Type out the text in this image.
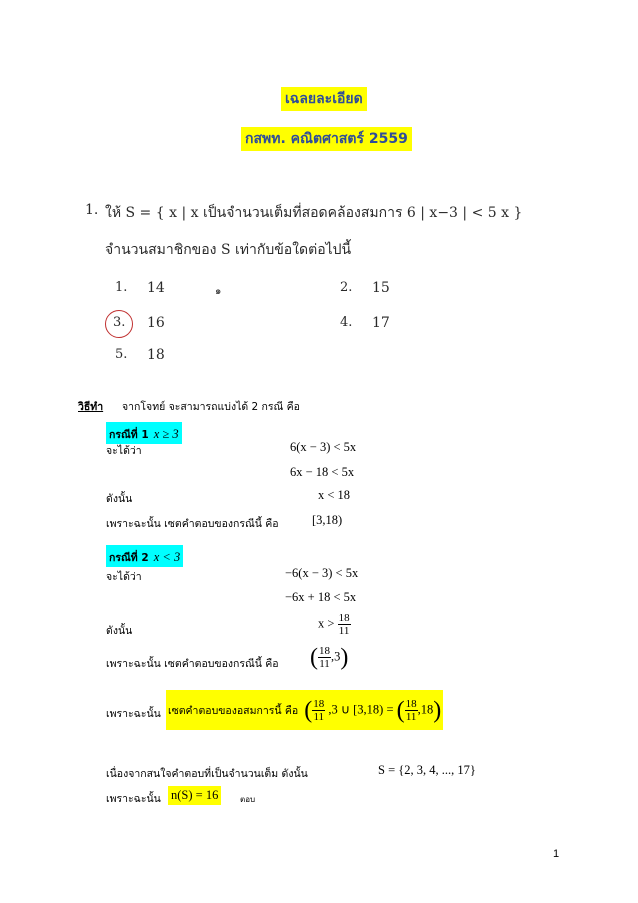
เฉลยละเอียด
กสพท. คณิตศาสตร์ 2559
1. ให้ S = { x | x เป็นจำนวนเต็มที่สอดคล้องสมการ 6 | x−3 | < 5 x }
จำนวนสมาชิกของ S เท่ากับข้อใดต่อไปนี้
1. 14	๑	2. 15
3. 16	4. 17
5. 18
วิธีทำ จากโจทย์ จะสามารถแบ่งได้ 2 กรณี คือ
กรณีที่ 1 x ≥ 3
จะได้ว่า	6(x − 3) < 5x
6x − 18 < 5x
ดังนั้น	x < 18
เพราะฉะนั้น เซตคำตอบของกรณีนี้ คือ	[3,18)
กรณีที่ 2 x < 3
จะได้ว่า	−6(x − 3) < 5x
−6x + 18 < 5x
ดังนั้น
$x > \frac{18}{11}$
เพราะฉะนั้น เซตคำตอบของกรณีนี้ คือ ( $\frac{18}{11} ,3$)
เพราะฉะนั้น เซตคำตอบของอสมการนี้ คือ ( $\frac{18}{11} ,3$ ∪ [3,18) = ( $\frac{18}{11} ,18$)
เนื่องจากสนใจคำตอบที่เป็นจำนวนเต็ม ดังนั้น	S = {2, 3, 4, ..., 17}
เพราะฉะนั้น n(S) = 16	ตอบ
1
